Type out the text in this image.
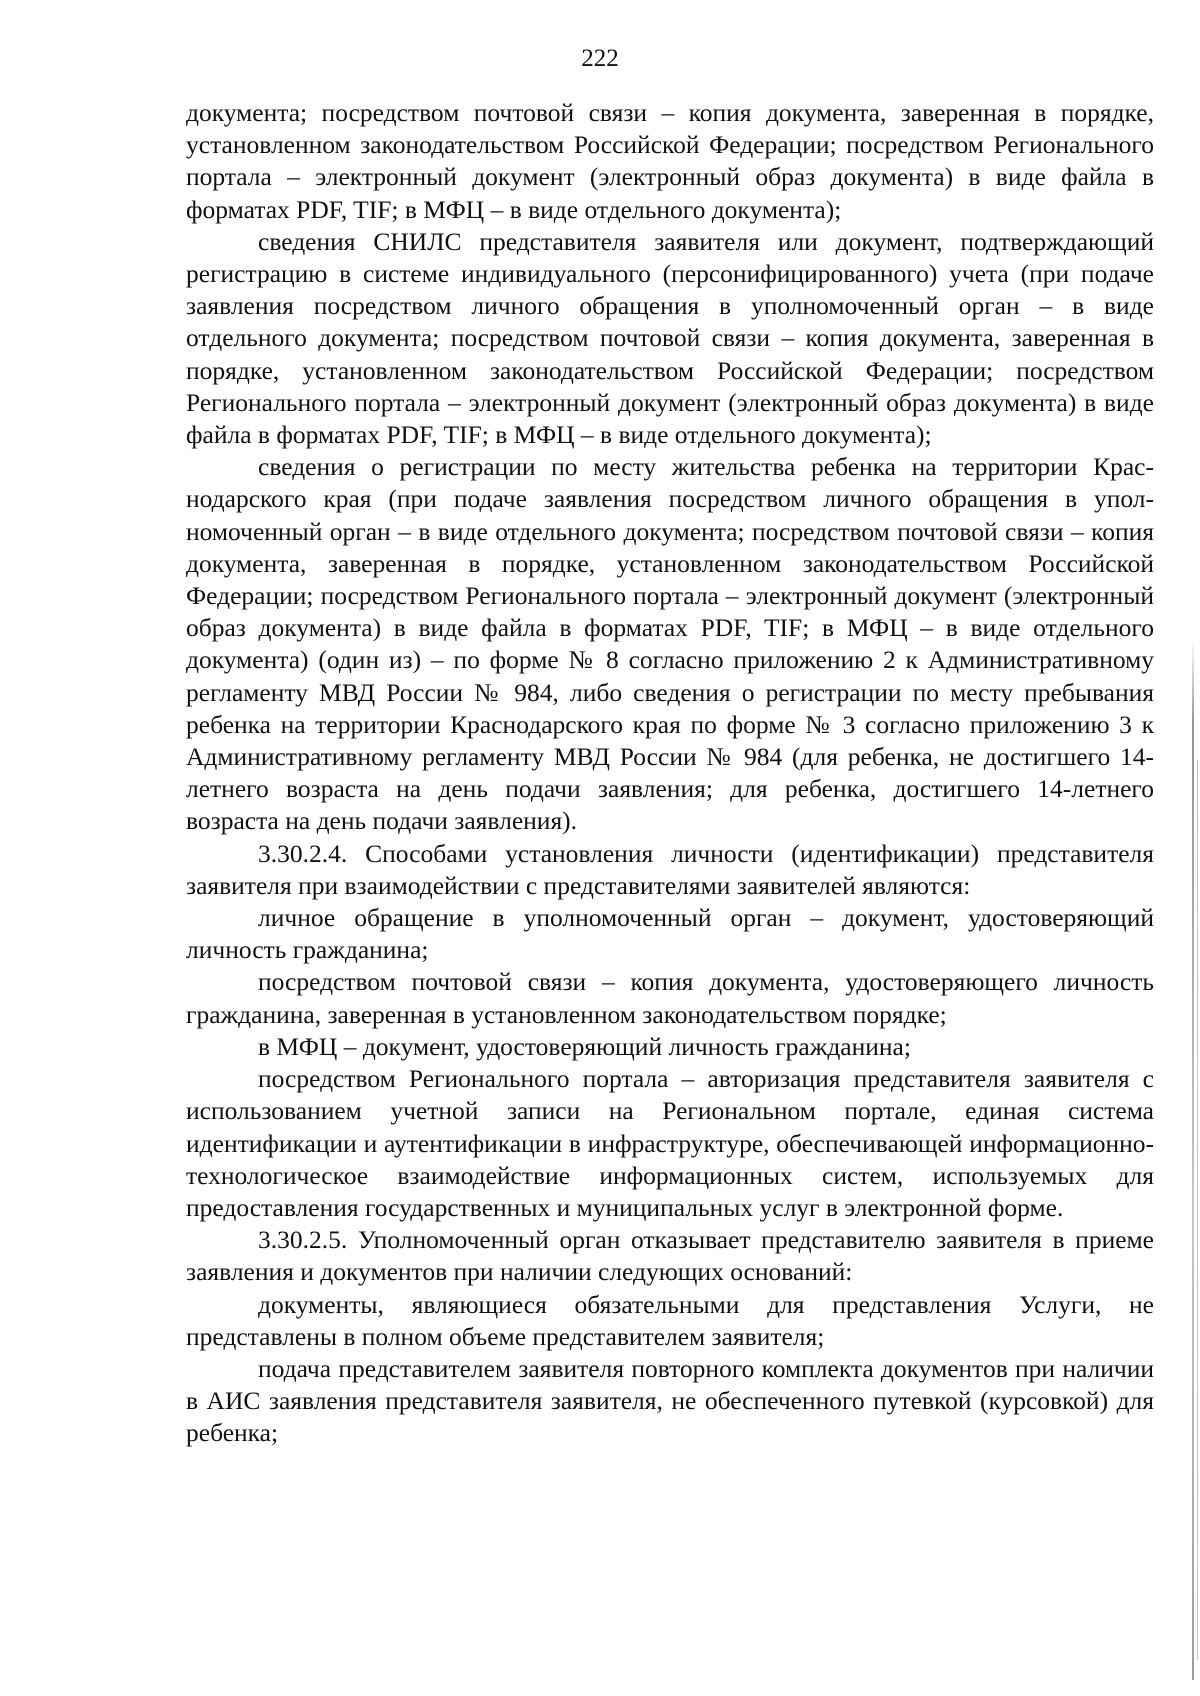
222

документа; посредством почтовой связи – копия документа, заверенная в порядке, установленном законодательством Российской Федерации; посредством Регионального портала – электронный документ (электронный образ документа) в виде файла в форматах PDF, TIF; в МФЦ – в виде отдельного документа);

сведения СНИЛС представителя заявителя или документ, подтверждающий регистрацию в системе индивидуального (персонифицированного) учета (при подаче заявления посредством личного обращения в уполномоченный орган – в виде отдельного документа; посредством почтовой связи – копия документа, заверенная в порядке, установленном законодательством Российской Федерации; посредством Регионального портала – электронный документ (электронный образ документа) в виде файла в форматах PDF, TIF; в МФЦ – в виде отдельного документа);

сведения о регистрации по месту жительства ребенка на территории Краснодарского края (при подаче заявления посредством личного обращения в уполномоченный орган – в виде отдельного документа; посредством почтовой связи – копия документа, заверенная в порядке, установленном законодательством Российской Федерации; посредством Регионального портала – электронный документ (электронный образ документа) в виде файла в форматах PDF, TIF; в МФЦ – в виде отдельного документа) (один из) – по форме № 8 согласно приложению 2 к Административному регламенту МВД России № 984, либо сведения о регистрации по месту пребывания ребенка на территории Краснодарского края по форме № 3 согласно приложению 3 к Административному регламенту МВД России № 984 (для ребенка, не достигшего 14-летнего возраста на день подачи заявления; для ребенка, достигшего 14-летнего возраста на день подачи заявления).

3.30.2.4. Способами установления личности (идентификации) представителя заявителя при взаимодействии с представителями заявителей являются:

личное обращение в уполномоченный орган – документ, удостоверяющий личность гражданина;

посредством почтовой связи – копия документа, удостоверяющего личность гражданина, заверенная в установленном законодательством порядке;

в МФЦ – документ, удостоверяющий личность гражданина;

посредством Регионального портала – авторизация представителя заявителя с использованием учетной записи на Региональном портале, единая система идентификации и аутентификации в инфраструктуре, обеспечивающей информационно-технологическое взаимодействие информационных систем, используемых для предоставления государственных и муниципальных услуг в электронной форме.

3.30.2.5. Уполномоченный орган отказывает представителю заявителя в приеме заявления и документов при наличии следующих оснований:

документы, являющиеся обязательными для представления Услуги, не представлены в полном объеме представителем заявителя;

подача представителем заявителя повторного комплекта документов при наличии в АИС заявления представителя заявителя, не обеспеченного путевкой (курсовкой) для ребенка;
